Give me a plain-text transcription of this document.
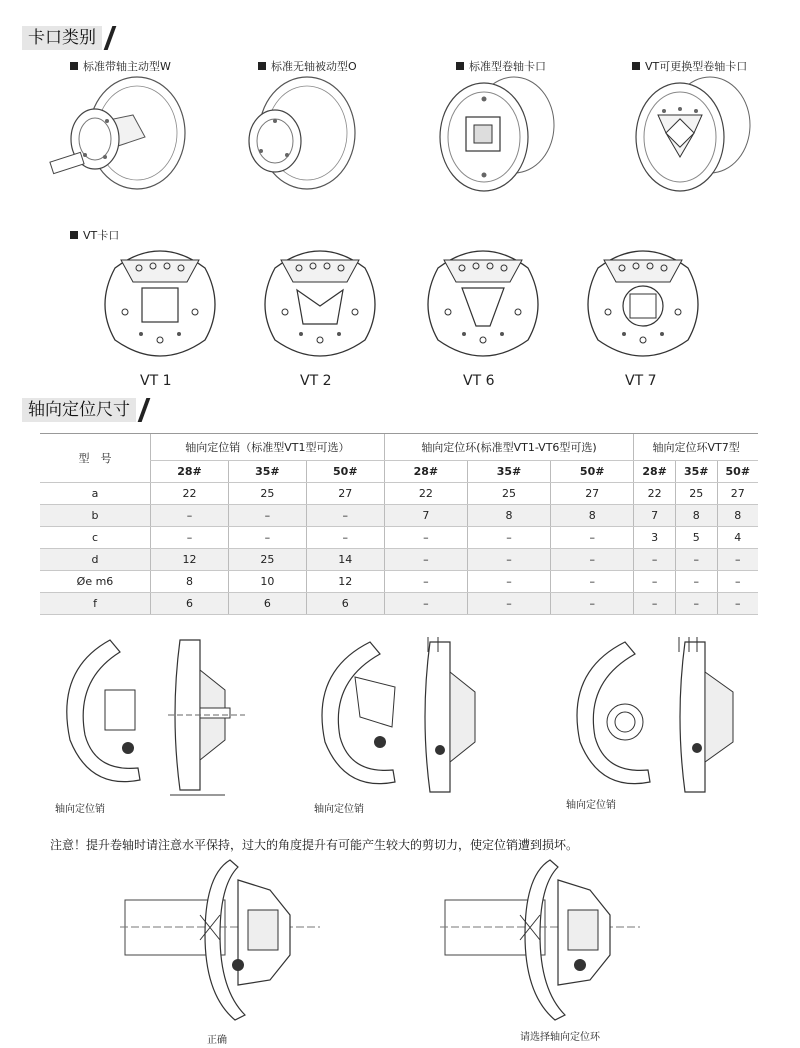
卡口类别
标准带轴主动型W	标准无轴被动型O	标准型卷轴卡口	VT可更换型卷轴卡口
VT卡口
VT 1	VT 2	VT 6	VT 7
轴向定位尺寸
型　号	轴向定位销（标准型VT1型可选）			轴向定位环(标准型VT1-VT6型可选)			轴向定位环VT7型		
	28#	35#	50#	28#	35#	50#	28#	35#	50#
a	22	25	27	22	25	27	22	25	27
b	–	–	–	7	8	8	7	8	8
c	–	–	–	–	–	–	3	5	4
d	12	25	14	–	–	–	–	–	–
Øe m6	8	10	12	–	–	–	–	–	–
f	6	6	6	–	–	–	–	–	–
轴向定位销	轴向定位销	轴向定位销
注意！提升卷轴时请注意水平保持，过大的角度提升有可能产生较大的剪切力，使定位销遭到损坏。
正确	请选择轴向定位环
